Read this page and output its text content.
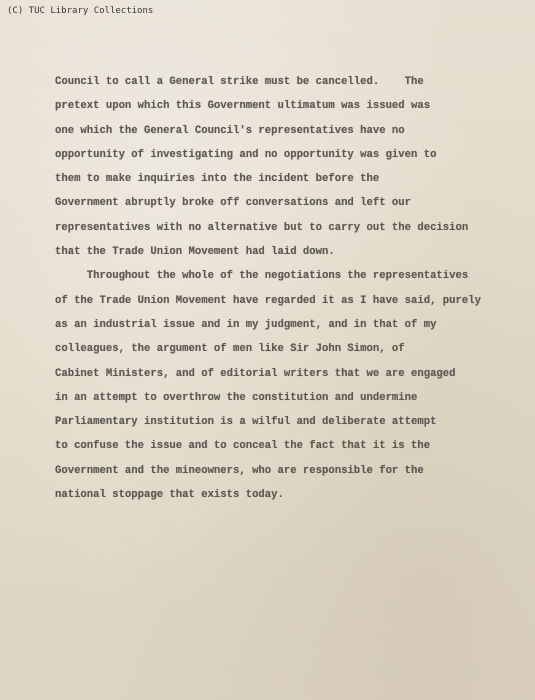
(C) TUC Library Collections
Council to call a General strike must be cancelled.    The
pretext upon which this Government ultimatum was issued was
one which the General Council's representatives have no
opportunity of investigating and no opportunity was given to
them to make inquiries into the incident before the
Government abruptly broke off conversations and left our
representatives with no alternative but to carry out the decision
that the Trade Union Movement had laid down.
Throughout the whole of the negotiations the representatives
of the Trade Union Movement have regarded it as I have said, purely
as an industrial issue and in my judgment, and in that of my
colleagues, the argument of men like Sir John Simon, of
Cabinet Ministers, and of editorial writers that we are engaged
in an attempt to overthrow the constitution and undermine
Parliamentary institution is a wilful and deliberate attempt
to confuse the issue and to conceal the fact that it is the
Government and the mineowners, who are responsible for the
national stoppage that exists today.
